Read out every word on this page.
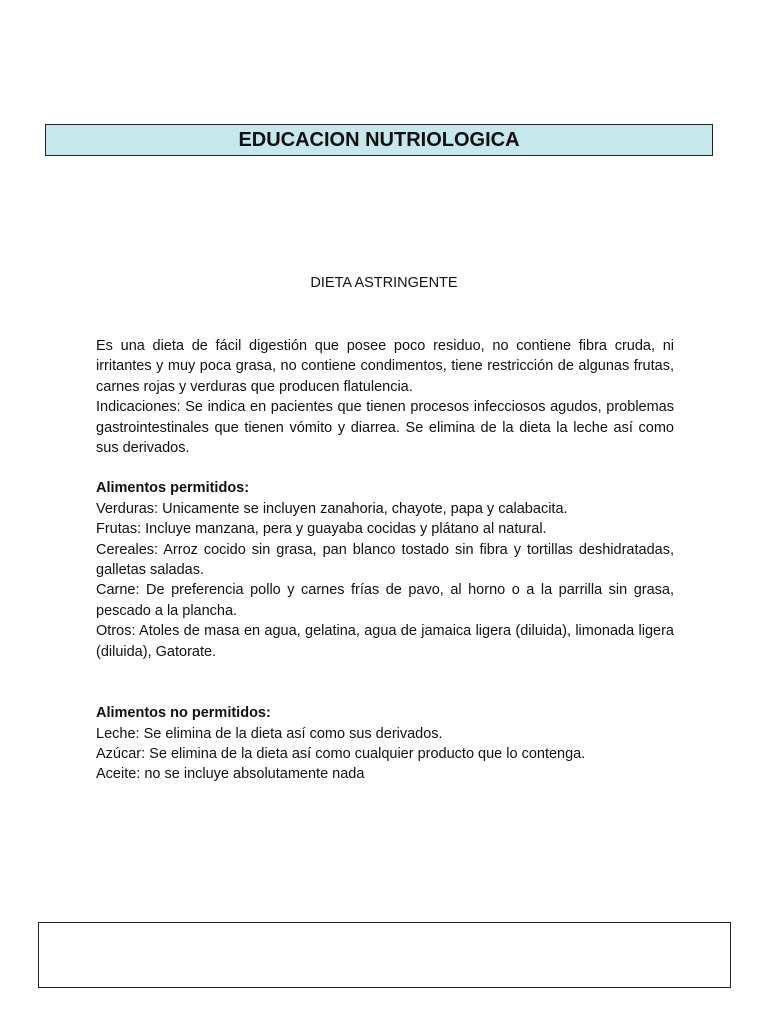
EDUCACION NUTRIOLOGICA
DIETA ASTRINGENTE

Es una dieta de fácil digestión que posee poco residuo, no contiene fibra cruda, ni irritantes y muy poca grasa, no contiene condimentos, tiene restricción de algunas frutas, carnes rojas y verduras que producen flatulencia.

Indicaciones: Se indica en pacientes que tienen procesos infecciosos agudos, problemas gastrointestinales que tienen vómito y diarrea. Se elimina de la dieta la leche así como sus derivados.

Alimentos permitidos:

Verduras: Unicamente se incluyen zanahoria, chayote, papa y calabacita.

Frutas: Incluye manzana, pera y guayaba cocidas y plátano al natural.

Cereales: Arroz cocido sin grasa, pan blanco tostado sin fibra y tortillas deshidratadas, galletas saladas.

Carne: De preferencia pollo y carnes frías de pavo, al horno o a la parrilla sin grasa, pescado a la plancha.

Otros: Atoles de masa en agua, gelatina, agua de jamaica ligera (diluida), limonada ligera (diluida), Gatorate.

Alimentos no permitidos:

Leche: Se elimina de la dieta así como sus derivados.

Azúcar: Se elimina de la dieta así como cualquier producto que lo contenga.

Aceite: no se incluye absolutamente nada
